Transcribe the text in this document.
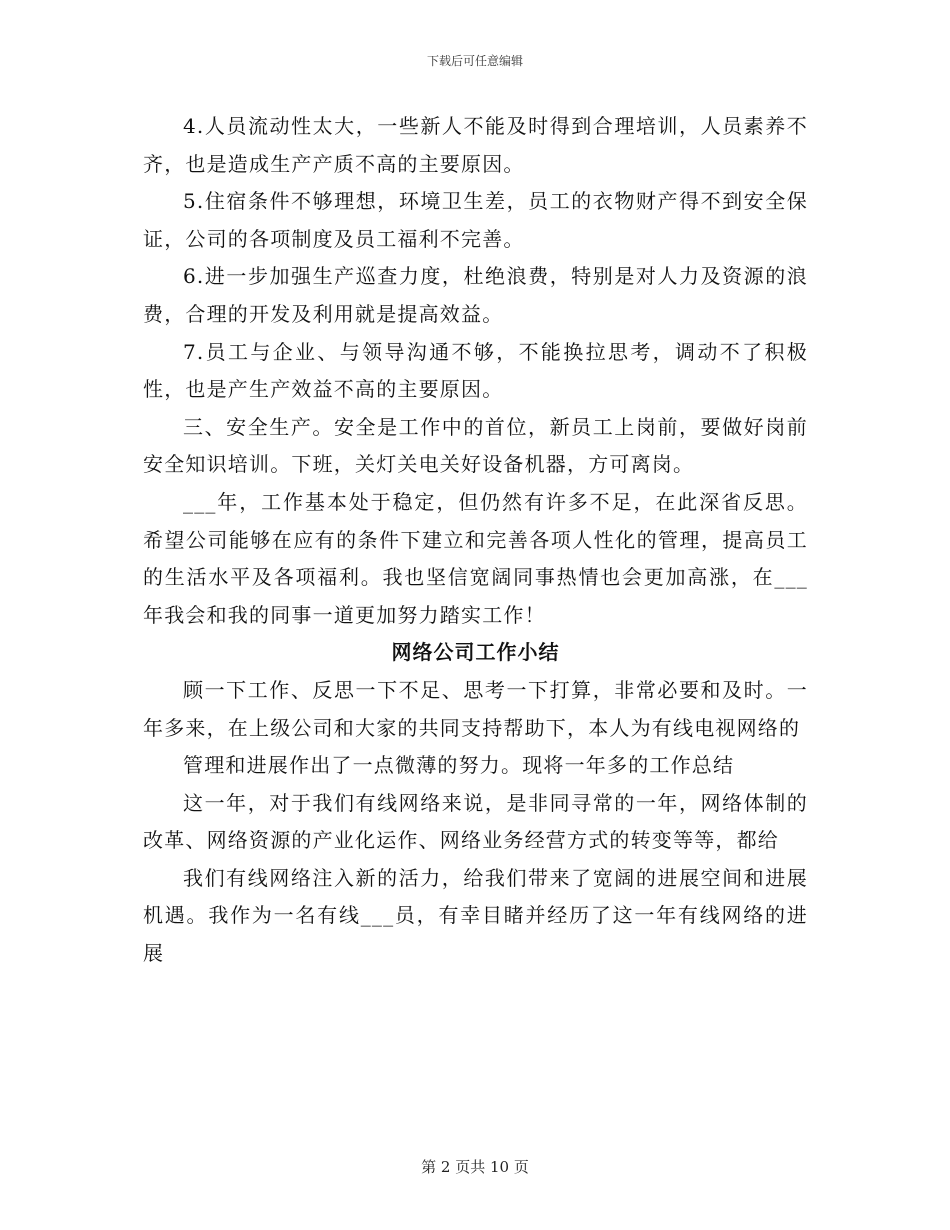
下载后可任意编辑

4.人员流动性太大，一些新人不能及时得到合理培训，人员素养不齐，也是造成生产产质不高的主要原因。

5.住宿条件不够理想，环境卫生差，员工的衣物财产得不到安全保证，公司的各项制度及员工福利不完善。

6.进一步加强生产巡查力度，杜绝浪费，特别是对人力及资源的浪费，合理的开发及利用就是提高效益。

7.员工与企业、与领导沟通不够，不能换拉思考，调动不了积极性，也是产生产效益不高的主要原因。

三、安全生产。安全是工作中的首位，新员工上岗前，要做好岗前安全知识培训。下班，关灯关电关好设备机器，方可离岗。

___年，工作基本处于稳定，但仍然有许多不足，在此深省反思。希望公司能够在应有的条件下建立和完善各项人性化的管理，提高员工的生活水平及各项福利。我也坚信宽阔同事热情也会更加高涨，在___年我会和我的同事一道更加努力踏实工作！

网络公司工作小结

顾一下工作、反思一下不足、思考一下打算，非常必要和及时。一年多来，在上级公司和大家的共同支持帮助下，本人为有线电视网络的

管理和进展作出了一点微薄的努力。现将一年多的工作总结

这一年，对于我们有线网络来说，是非同寻常的一年，网络体制的改革、网络资源的产业化运作、网络业务经营方式的转变等等，都给

我们有线网络注入新的活力，给我们带来了宽阔的进展空间和进展机遇。我作为一名有线___员，有幸目睹并经历了这一年有线网络的进展

第 2 页共 10 页
